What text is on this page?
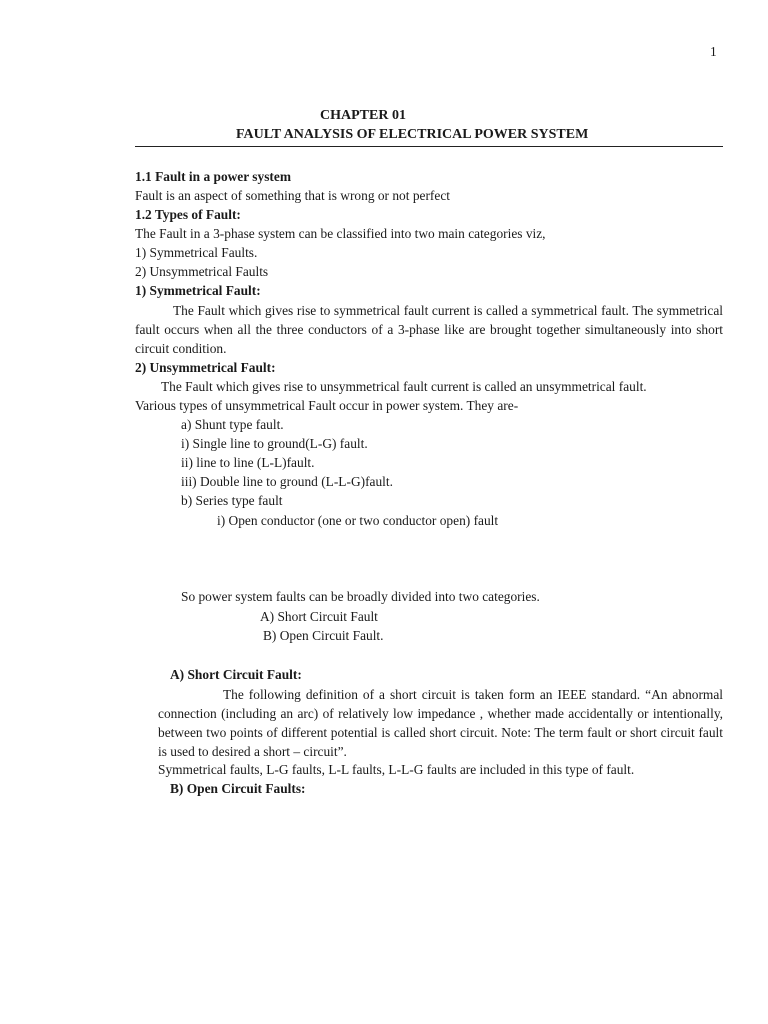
1
CHAPTER 01
FAULT ANALYSIS OF ELECTRICAL POWER SYSTEM
1.1 Fault in a power system
Fault is an aspect of something that is wrong or not perfect
1.2 Types of Fault:
The Fault in a 3-phase system can be classified into two main categories viz,
1) Symmetrical Faults.
2) Unsymmetrical Faults
1) Symmetrical Fault:
The Fault which gives rise to symmetrical fault current is called a symmetrical fault. The symmetrical fault occurs when all the three conductors of a 3-phase like are brought together simultaneously into short circuit condition.
2) Unsymmetrical Fault:
The Fault which gives rise to unsymmetrical fault current is called an unsymmetrical fault.
Various types of unsymmetrical Fault occur in power system. They are-
a) Shunt type fault.
i) Single line to ground(L-G) fault.
ii) line to line (L-L)fault.
iii) Double line to ground (L-L-G)fault.
b) Series type fault
i) Open conductor (one or two conductor open) fault
So power system faults can be broadly divided into two categories.
A) Short Circuit Fault
B) Open Circuit Fault.
A) Short Circuit Fault:
The following definition of a short circuit is taken form an IEEE standard. “An abnormal connection (including an arc) of relatively low impedance , whether made accidentally or intentionally, between two points of different potential is called short circuit. Note: The term fault or short circuit fault is used to desired a short – circuit”.
Symmetrical faults, L-G faults, L-L faults, L-L-G faults are included in this type of fault.
B) Open Circuit Faults:
